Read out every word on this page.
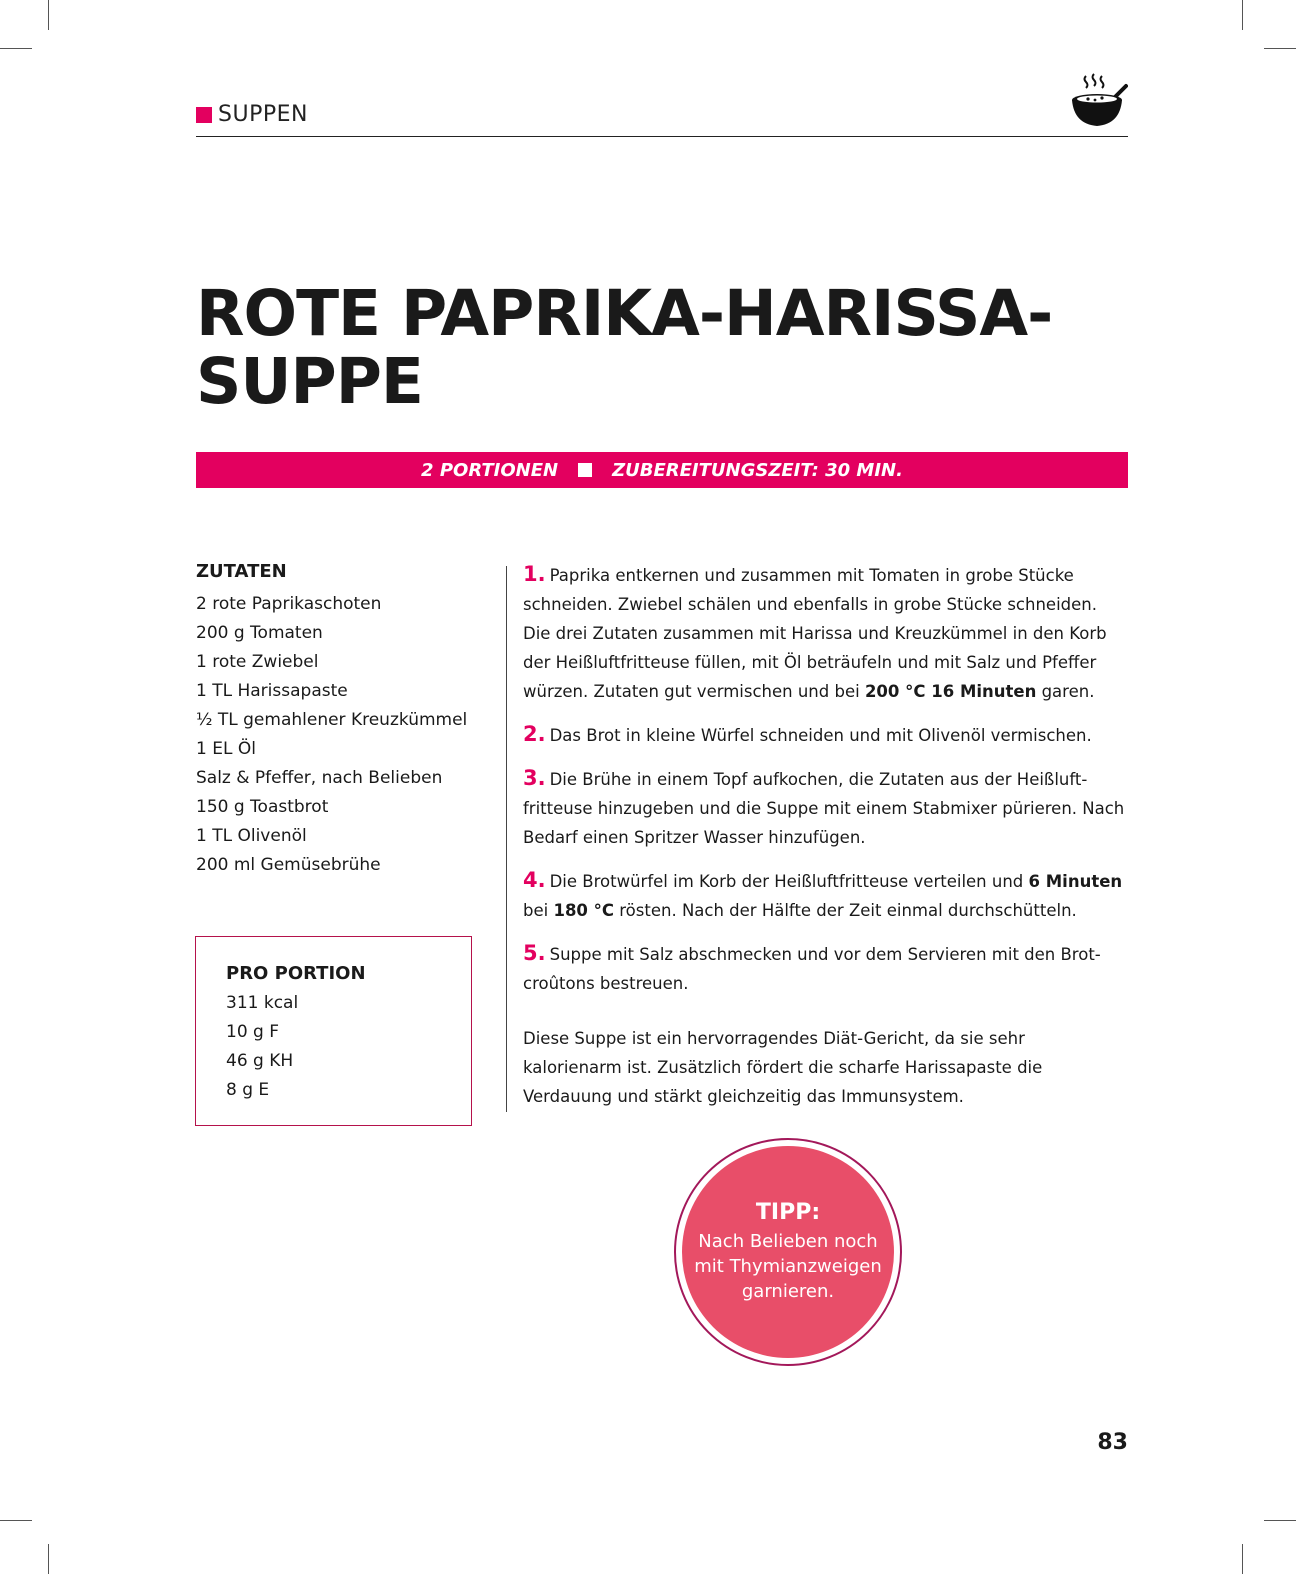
SUPPEN
ROTE PAPRIKA-HARISSA-
SUPPE
2 PORTIONEN	ZUBEREITUNGSZEIT: 30 MIN.
ZUTATEN
2 rote Paprikaschoten
200 g Tomaten
1 rote Zwiebel
1 TL Harissapaste
½ TL gemahlener Kreuzkümmel
1 EL Öl
Salz & Pfeffer, nach Belieben
150 g Toastbrot
1 TL Olivenöl
200 ml Gemüsebrühe
PRO PORTION
311 kcal
10 g F
46 g KH
8 g E

1. Paprika entkernen und zusammen mit Tomaten in grobe Stücke schneiden. Zwiebel schälen und ebenfalls in grobe Stücke schneiden. Die drei Zutaten zusammen mit Harissa und Kreuzkümmel in den Korb der Heißluftfritteuse füllen, mit Öl beträufeln und mit Salz und Pfeffer würzen. Zutaten gut vermischen und bei 200 °C 16 Minuten garen.

2. Das Brot in kleine Würfel schneiden und mit Olivenöl vermischen.

3. Die Brühe in einem Topf aufkochen, die Zutaten aus der Heißluftfritteuse hinzugeben und die Suppe mit einem Stabmixer pürieren. Nach Bedarf einen Spritzer Wasser hinzufügen.

4. Die Brotwürfel im Korb der Heißluftfritteuse verteilen und 6 Minuten bei 180 °C rösten. Nach der Hälfte der Zeit einmal durchschütteln.

5. Suppe mit Salz abschmecken und vor dem Servieren mit den Brotcroûtons bestreuen.

Diese Suppe ist ein hervorragendes Diät-Gericht, da sie sehr kalorienarm ist. Zusätzlich fördert die scharfe Harissapaste die Verdauung und stärkt gleichzeitig das Immunsystem.

TIPP:
Nach Belieben noch mit Thymianzweigen garnieren.
83
